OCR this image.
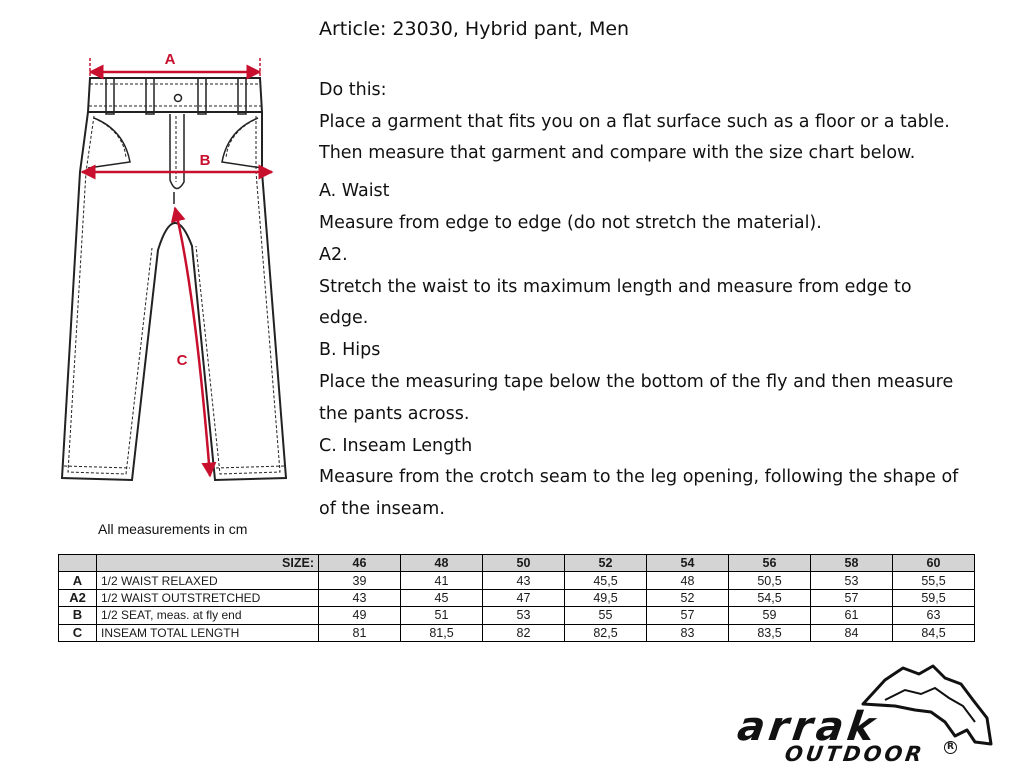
A
B
C

Article: 23030, Hybrid pant, Men

Do this:

Place a garment that fits you on a flat surface such as a floor or a table.

Then measure that garment and compare with the size chart below.

A. Waist

Measure from edge to edge (do not stretch the material).

A2.

Stretch the waist to its maximum length and measure from edge to

edge.

B. Hips

Place the measuring tape below the bottom of the fly and then measure

the pants across.

C. Inseam Length

Measure from the crotch seam to the leg opening, following the shape of

of the inseam.

All measurements in cm
	SIZE:	46	48	50	52	54	56	58	60
A	1/2 WAIST RELAXED	39	41	43	45,5	48	50,5	53	55,5
A2	1/2 WAIST OUTSTRETCHED	43	45	47	49,5	52	54,5	57	59,5
B	1/2 SEAT, meas. at fly end	49	51	53	55	57	59	61	63
C	INSEAM TOTAL LENGTH	81	81,5	82	82,5	83	83,5	84	84,5
arrak
OUTDOOR	R
